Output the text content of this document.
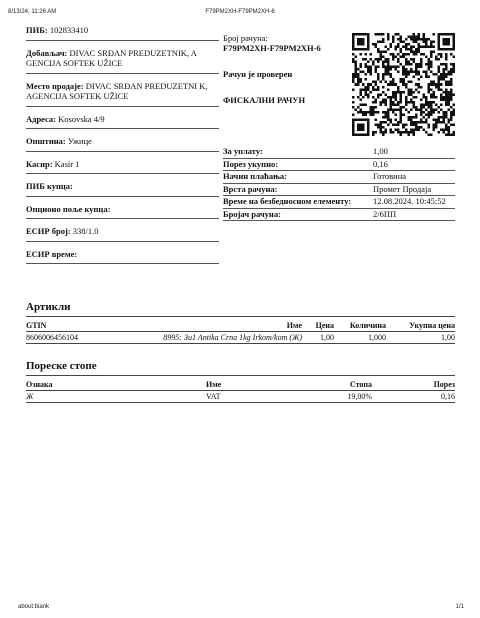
8/13/24, 11:26 AM	F79PM2XH-F79PM2XH-6
ПИБ: 102833410
Добављач: DIVAC SRĐAN PREDUZETNIK, A GENCIJA SOFTEK UŽICE
Место продаје: DIVAC SRĐAN PREDUZETNI K, AGENCIJA SOFTEK UŽICE
Адреса: Kosovska 4/9
Општина: Ужице
Касир: Kasir 1
ПИБ купца:
Опционо поље купца:
ЕСИР број: 338/1.0
ЕСИР време:
Број рачуна:
F79PM2XH-F79PM2XH-6
Рачун је проверен
ФИСКАЛНИ РАЧУН
За уплату:	1,00
Порез укупно:	0,16
Начин плаћања:	Готовина
Врста рачуна:	Промет Продаја
Време на безбедносном елементу:	12.08.2024. 10:45:52
Бројач рачуна:	2/6ПП
Артикли
GTIN	Име	Цена	Количина	Укупна цена
8606006456104	8995: 3u1 Antika Crna 1kg Irkom/kom (Ж)	1,00	1,000	1,00
Пореске стопе
Ознака	Име	Стопа	Порез
Ж	VAT	19,00%	0,16
about:blank	1/1
